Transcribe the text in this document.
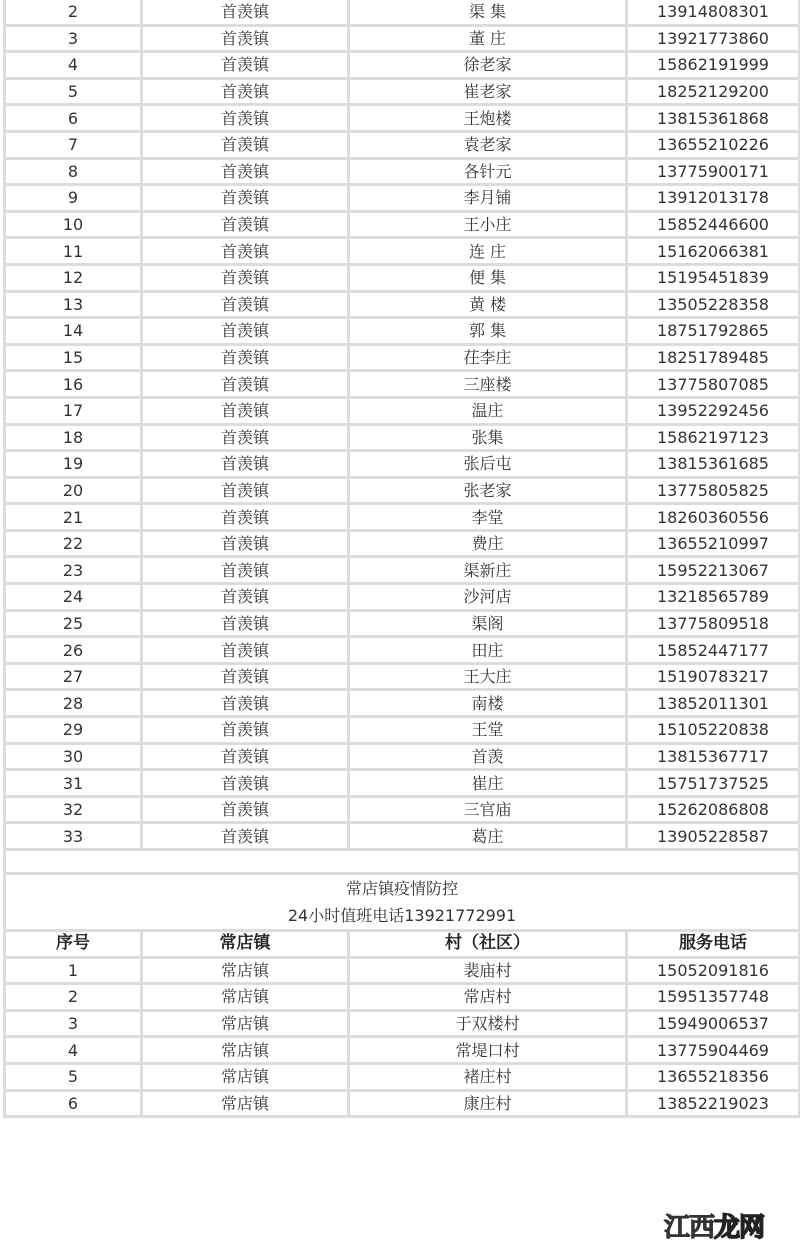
2	首羡镇	渠 集	13914808301
3	首羡镇	董 庄	13921773860
4	首羡镇	徐老家	15862191999
5	首羡镇	崔老家	18252129200
6	首羡镇	王炮楼	13815361868
7	首羡镇	袁老家	13655210226
8	首羡镇	各针元	13775900171
9	首羡镇	李月铺	13912013178
10	首羡镇	王小庄	15852446600
11	首羡镇	连 庄	15162066381
12	首羡镇	便 集	15195451839
13	首羡镇	黄 楼	13505228358
14	首羡镇	郭 集	18751792865
15	首羡镇	茌李庄	18251789485
16	首羡镇	三座楼	13775807085
17	首羡镇	温庄	13952292456
18	首羡镇	张集	15862197123
19	首羡镇	张后屯	13815361685
20	首羡镇	张老家	13775805825
21	首羡镇	李堂	18260360556
22	首羡镇	费庄	13655210997
23	首羡镇	渠新庄	15952213067
24	首羡镇	沙河店	13218565789
25	首羡镇	渠阁	13775809518
26	首羡镇	田庄	15852447177
27	首羡镇	王大庄	15190783217
28	首羡镇	南楼	13852011301
29	首羡镇	王堂	15105220838
30	首羡镇	首羡	13815367717
31	首羡镇	崔庄	15751737525
32	首羡镇	三官庙	15262086808
33	首羡镇	葛庄	13905228587

常店镇疫情防控
24小时值班电话13921772991			

序号	常店镇	村（社区）	服务电话
1	常店镇	裴庙村	15052091816
2	常店镇	常店村	15951357748
3	常店镇	于双楼村	15949006537
4	常店镇	常堤口村	13775904469
5	常店镇	褚庄村	13655218356
6	常店镇	康庄村	13852219023
江西龙网
